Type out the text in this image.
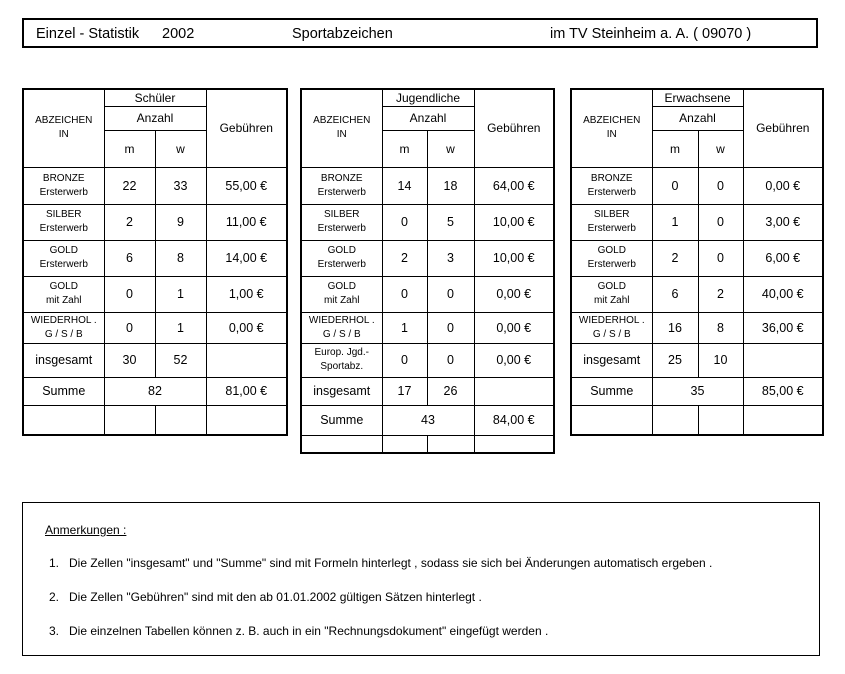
Einzel - Statistik 2002	Sportabzeichen	im TV Steinheim a. A. ( 09070 )
ABZEICHEN
IN	Schüler		Gebühren
	Anzahl		
	m	w	
BRONZE
Ersterwerb	22	33	55,00 €
SILBER
Ersterwerb	2	9	11,00 €
GOLD
Ersterwerb	6	8	14,00 €
GOLD
mit Zahl	0	1	1,00 €
WIEDERHOL .
G / S / B	0	1	0,00 €
insgesamt	30	52	
Summe	82		81,00 €

ABZEICHEN
IN	Jugendliche		Gebühren
	Anzahl		
	m	w	
BRONZE
Ersterwerb	14	18	64,00 €
SILBER
Ersterwerb	0	5	10,00 €
GOLD
Ersterwerb	2	3	10,00 €
GOLD
mit Zahl	0	0	0,00 €
WIEDERHOL .
G / S / B	1	0	0,00 €
Europ. Jgd.-
Sportabz.	0	0	0,00 €
insgesamt	17	26	
Summe	43		84,00 €

ABZEICHEN
IN	Erwachsene		Gebühren
	Anzahl		
	m	w	
BRONZE
Ersterwerb	0	0	0,00 €
SILBER
Ersterwerb	1	0	3,00 €
GOLD
Ersterwerb	2	0	6,00 €
GOLD
mit Zahl	6	2	40,00 €
WIEDERHOL .
G / S / B	16	8	36,00 €
insgesamt	25	10	
Summe	35		85,00 €

Anmerkungen :
1. Die Zellen "insgesamt" und "Summe" sind mit Formeln hinterlegt , sodass sie sich bei Änderungen automatisch ergeben .
2. Die Zellen "Gebühren" sind mit den ab 01.01.2002 gültigen Sätzen hinterlegt .
3. Die einzelnen Tabellen können z. B. auch in ein "Rechnungsdokument" eingefügt werden .
